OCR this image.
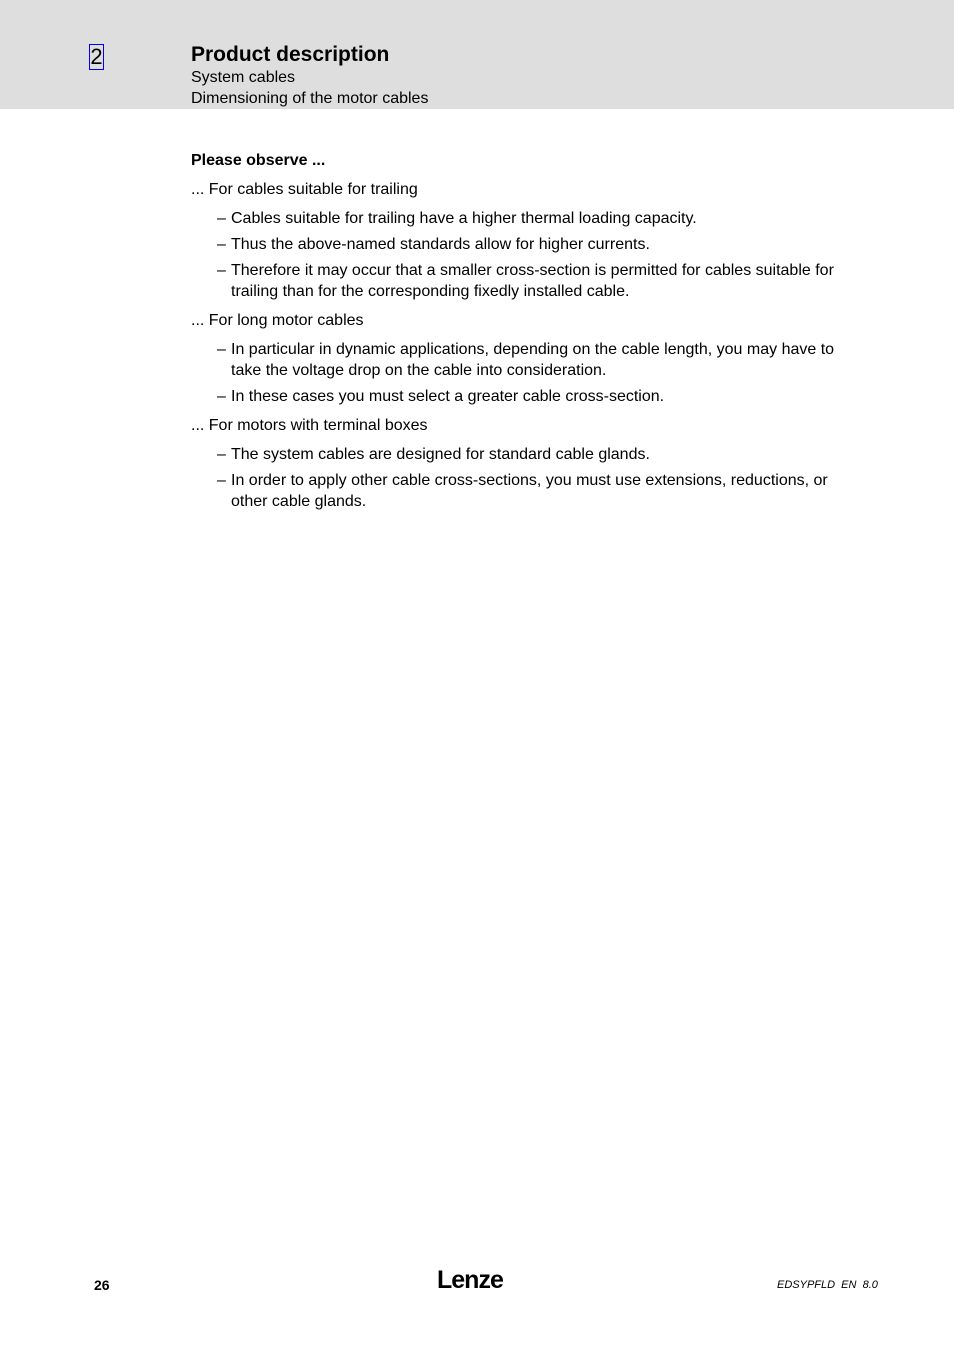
2	Product description
System cables
Dimensioning of the motor cables

Please observe ...

... For cables suitable for trailing

– Cables suitable for trailing have a higher thermal loading capacity.
– Thus the above-named standards allow for higher currents.
– Therefore it may occur that a smaller cross-section is permitted for cables suitable for trailing than for the corresponding fixedly installed cable.

... For long motor cables

– In particular in dynamic applications, depending on the cable length, you may have to take the voltage drop on the cable into consideration.
– In these cases you must select a greater cable cross-section.

... For motors with terminal boxes

– The system cables are designed for standard cable glands.
– In order to apply other cable cross-sections, you must use extensions, reductions, or other cable glands.
26	Lenze	EDSYPFLD  EN  8.0
